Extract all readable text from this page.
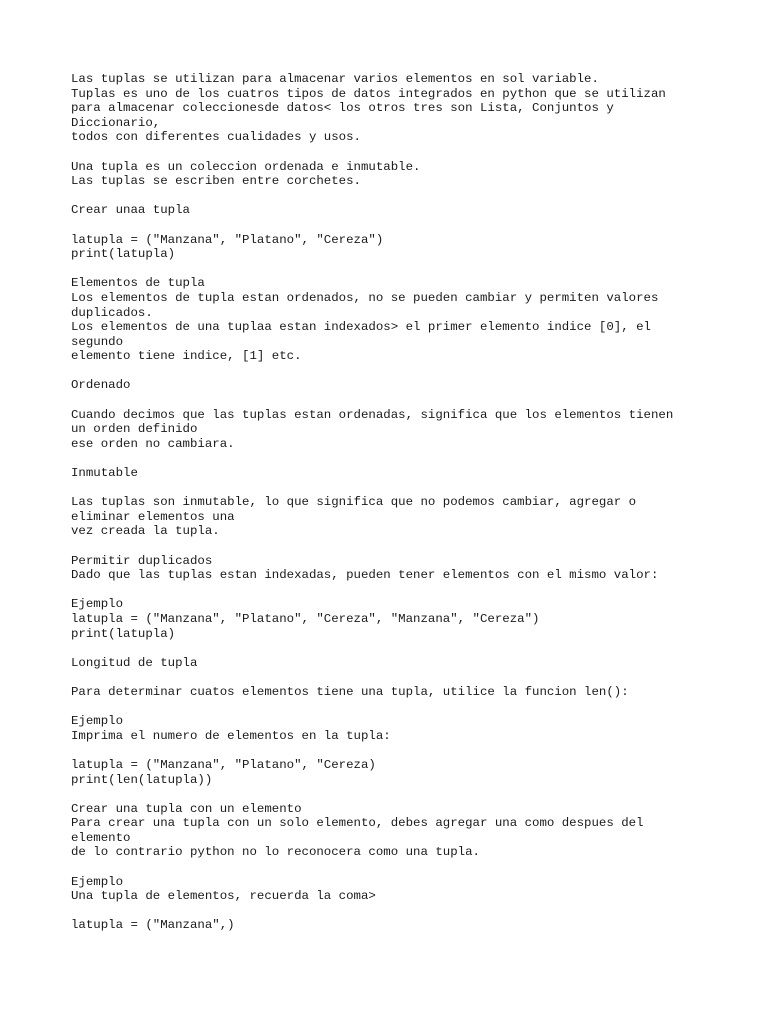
Las tuplas se utilizan para almacenar varios elementos en sol variable.
Tuplas es uno de los cuatros tipos de datos integrados en python que se utilizan
para almacenar coleccionesde datos< los otros tres son Lista, Conjuntos y
Diccionario,
todos con diferentes cualidades y usos.
Una tupla es un coleccion ordenada e inmutable.
Las tuplas se escriben entre corchetes.
Crear unaa tupla
latupla = ("Manzana", "Platano", "Cereza")
print(latupla)
Elementos de tupla
Los elementos de tupla estan ordenados, no se pueden cambiar y permiten valores
duplicados.
Los elementos de una tuplaa estan indexados> el primer elemento indice [0], el
segundo
elemento tiene indice, [1] etc.
Ordenado
Cuando decimos que las tuplas estan ordenadas, significa que los elementos tienen
un orden definido
ese orden no cambiara.
Inmutable
Las tuplas son inmutable, lo que significa que no podemos cambiar, agregar o
eliminar elementos una
vez creada la tupla.
Permitir duplicados
Dado que las tuplas estan indexadas, pueden tener elementos con el mismo valor:
Ejemplo
latupla = ("Manzana", "Platano", "Cereza", "Manzana", "Cereza")
print(latupla)
Longitud de tupla
Para determinar cuatos elementos tiene una tupla, utilice la funcion len():
Ejemplo
Imprima el numero de elementos en la tupla:
latupla = ("Manzana", "Platano", "Cereza)
print(len(latupla))
Crear una tupla con un elemento
Para crear una tupla con un solo elemento, debes agregar una como despues del
elemento
de lo contrario python no lo reconocera como una tupla.
Ejemplo
Una tupla de elementos, recuerda la coma>
latupla = ("Manzana",)
